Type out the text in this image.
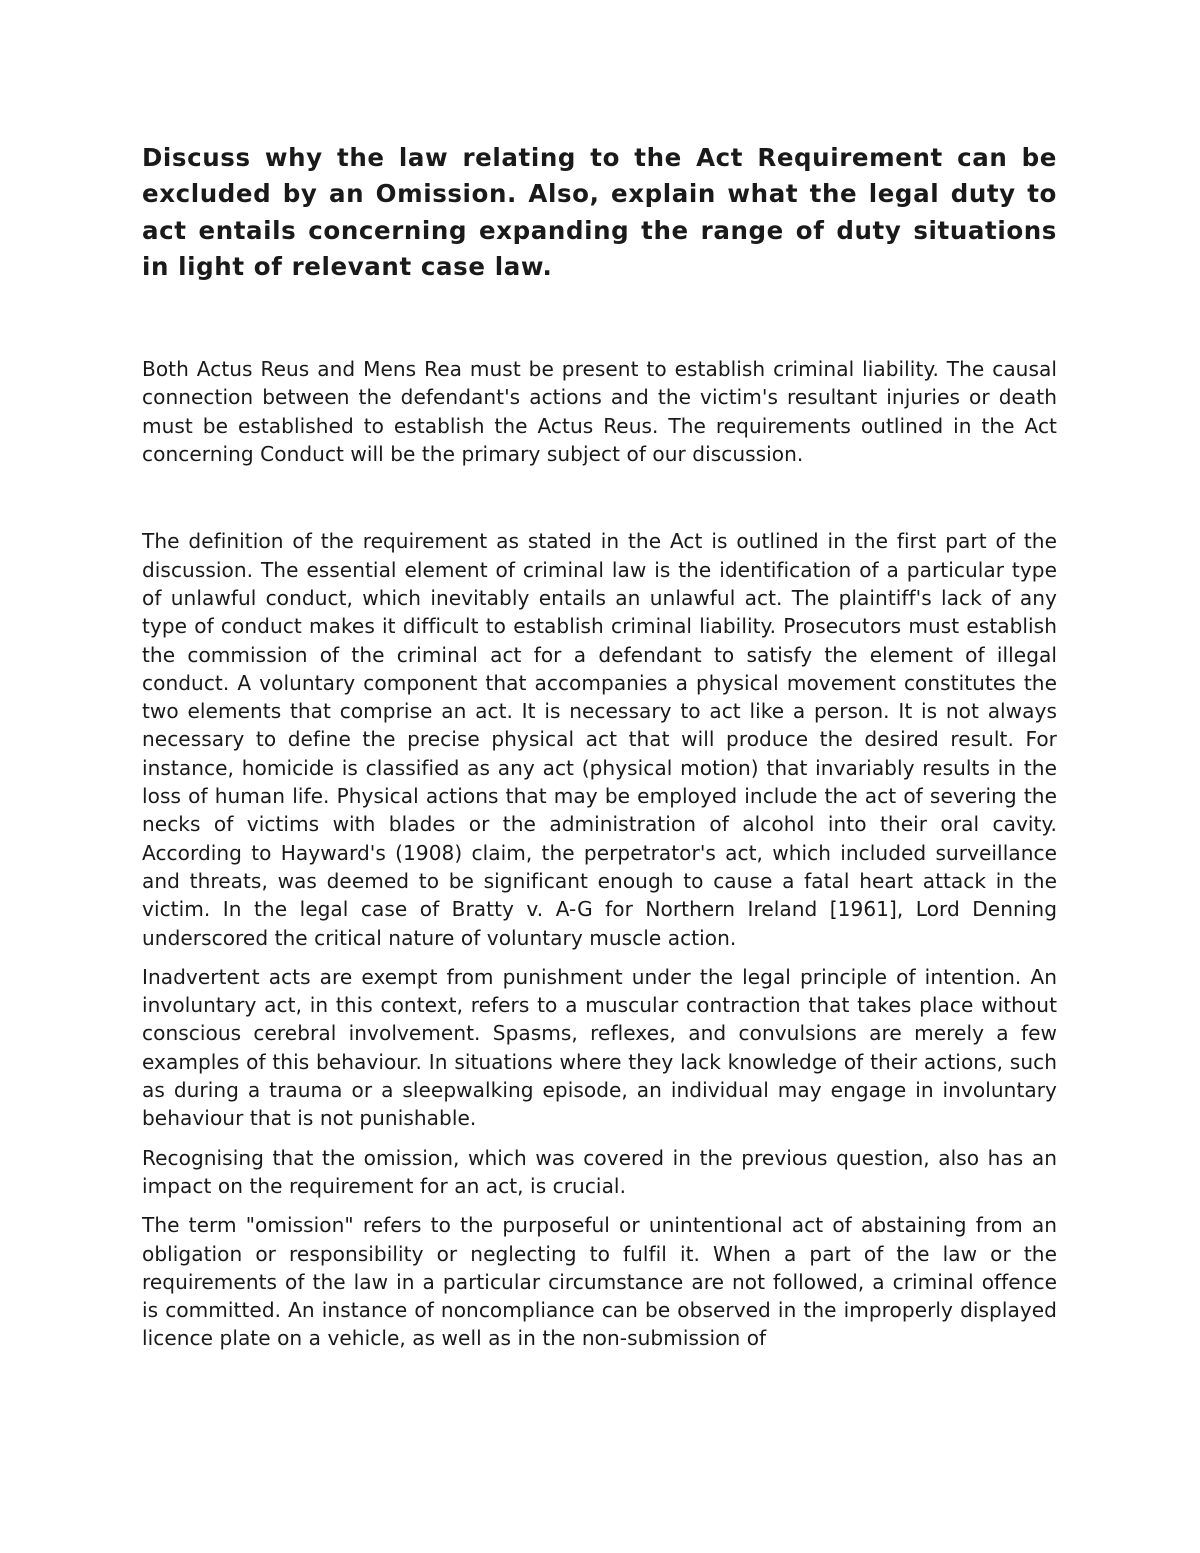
Discuss why the law relating to the Act Requirement can be excluded by an Omission. Also, explain what the legal duty to act entails concerning expanding the range of duty situations in light of relevant case law.

Both Actus Reus and Mens Rea must be present to establish criminal liability. The causal connection between the defendant's actions and the victim's resultant injuries or death must be established to establish the Actus Reus. The requirements outlined in the Act concerning Conduct will be the primary subject of our discussion.

The definition of the requirement as stated in the Act is outlined in the first part of the discussion. The essential element of criminal law is the identification of a particular type of unlawful conduct, which inevitably entails an unlawful act. The plaintiff's lack of any type of conduct makes it difficult to establish criminal liability. Prosecutors must establish the commission of the criminal act for a defendant to satisfy the element of illegal conduct. A voluntary component that accompanies a physical movement constitutes the two elements that comprise an act. It is necessary to act like a person. It is not always necessary to define the precise physical act that will produce the desired result. For instance, homicide is classified as any act (physical motion) that invariably results in the loss of human life. Physical actions that may be employed include the act of severing the necks of victims with blades or the administration of alcohol into their oral cavity. According to Hayward's (1908) claim, the perpetrator's act, which included surveillance and threats, was deemed to be significant enough to cause a fatal heart attack in the victim. In the legal case of Bratty v. A-G for Northern Ireland [1961], Lord Denning underscored the critical nature of voluntary muscle action.

Inadvertent acts are exempt from punishment under the legal principle of intention. An involuntary act, in this context, refers to a muscular contraction that takes place without conscious cerebral involvement. Spasms, reflexes, and convulsions are merely a few examples of this behaviour. In situations where they lack knowledge of their actions, such as during a trauma or a sleepwalking episode, an individual may engage in involuntary behaviour that is not punishable.

Recognising that the omission, which was covered in the previous question, also has an impact on the requirement for an act, is crucial.

The term "omission" refers to the purposeful or unintentional act of abstaining from an obligation or responsibility or neglecting to fulfil it. When a part of the law or the requirements of the law in a particular circumstance are not followed, a criminal offence is committed. An instance of noncompliance can be observed in the improperly displayed licence plate on a vehicle, as well as in the non-submission of
